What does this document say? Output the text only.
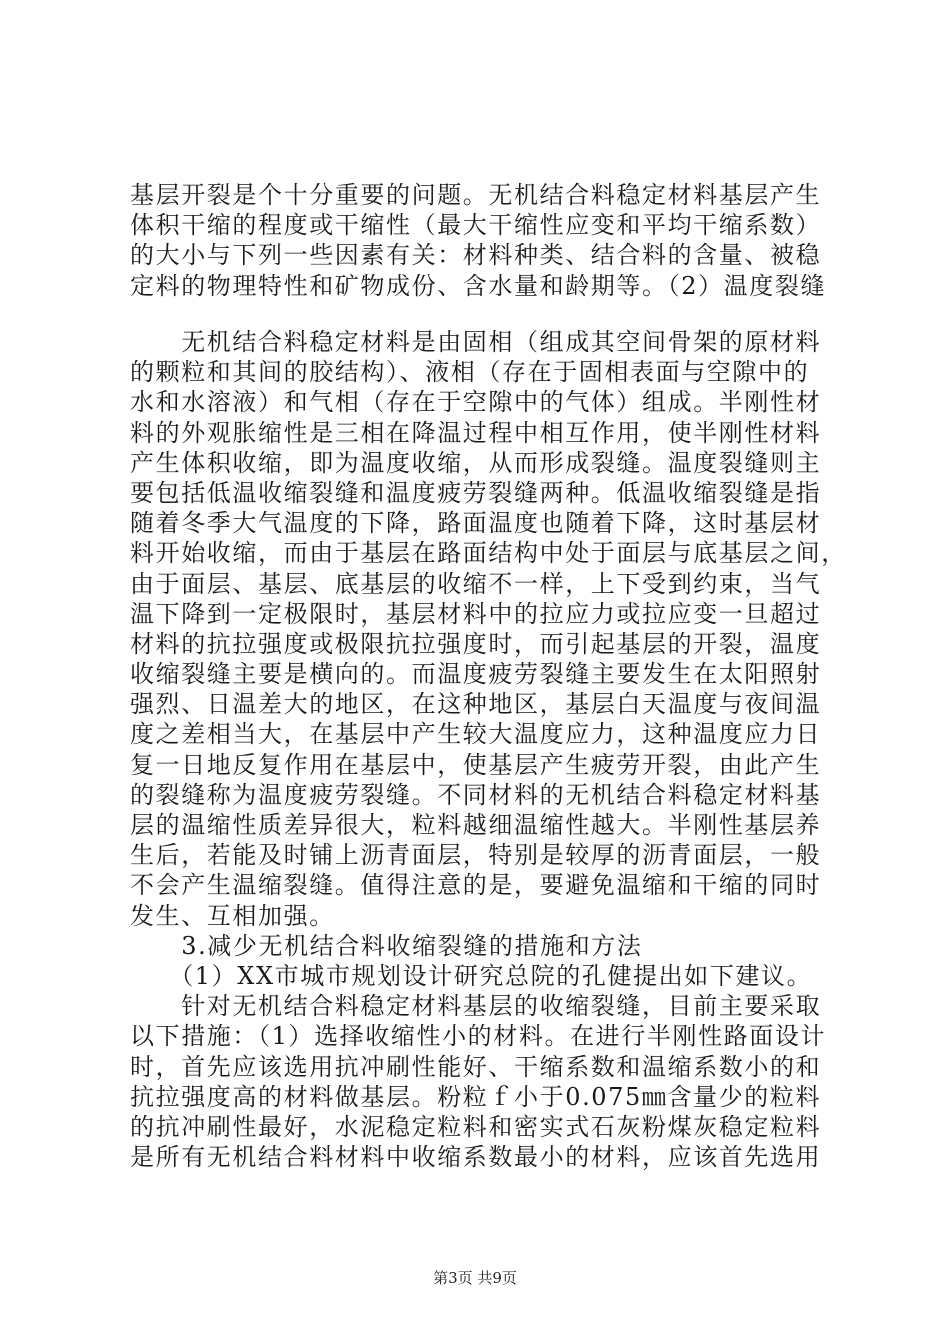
基层开裂是个十分重要的问题。无机结合料稳定材料基层产生
体积干缩的程度或干缩性（最大干缩性应变和平均干缩系数）
的大小与下列一些因素有关：材料种类、结合料的含量、被稳
定料的物理特性和矿物成份、含水量和龄期等。（2）温度裂缝
　　无机结合料稳定材料是由固相（组成其空间骨架的原材料
的颗粒和其间的胶结构）、液相（存在于固相表面与空隙中的
水和水溶液）和气相（存在于空隙中的气体）组成。半刚性材
料的外观胀缩性是三相在降温过程中相互作用，使半刚性材料
产生体积收缩，即为温度收缩，从而形成裂缝。温度裂缝则主
要包括低温收缩裂缝和温度疲劳裂缝两种。低温收缩裂缝是指
随着冬季大气温度的下降，路面温度也随着下降，这时基层材
料开始收缩，而由于基层在路面结构中处于面层与底基层之间，
由于面层、基层、底基层的收缩不一样，上下受到约束，当气
温下降到一定极限时，基层材料中的拉应力或拉应变一旦超过
材料的抗拉强度或极限抗拉强度时，而引起基层的开裂，温度
收缩裂缝主要是横向的。而温度疲劳裂缝主要发生在太阳照射
强烈、日温差大的地区，在这种地区，基层白天温度与夜间温
度之差相当大，在基层中产生较大温度应力，这种温度应力日
复一日地反复作用在基层中，使基层产生疲劳开裂，由此产生
的裂缝称为温度疲劳裂缝。不同材料的无机结合料稳定材料基
层的温缩性质差异很大，粒料越细温缩性越大。半刚性基层养
生后，若能及时铺上沥青面层，特别是较厚的沥青面层，一般
不会产生温缩裂缝。值得注意的是，要避免温缩和干缩的同时
发生、互相加强。
　　3.减少无机结合料收缩裂缝的措施和方法
　　（1）XX市城市规划设计研究总院的孔健提出如下建议。
　　针对无机结合料稳定材料基层的收缩裂缝，目前主要采取
以下措施：（1）选择收缩性小的材料。在进行半刚性路面设计
时，首先应该选用抗冲刷性能好、干缩系数和温缩系数小的和
抗拉强度高的材料做基层。粉粒ｆ小于0.075㎜含量少的粒料
的抗冲刷性最好，水泥稳定粒料和密实式石灰粉煤灰稳定粒料
是所有无机结合料材料中收缩系数最小的材料，应该首先选用
第3页 共9页
